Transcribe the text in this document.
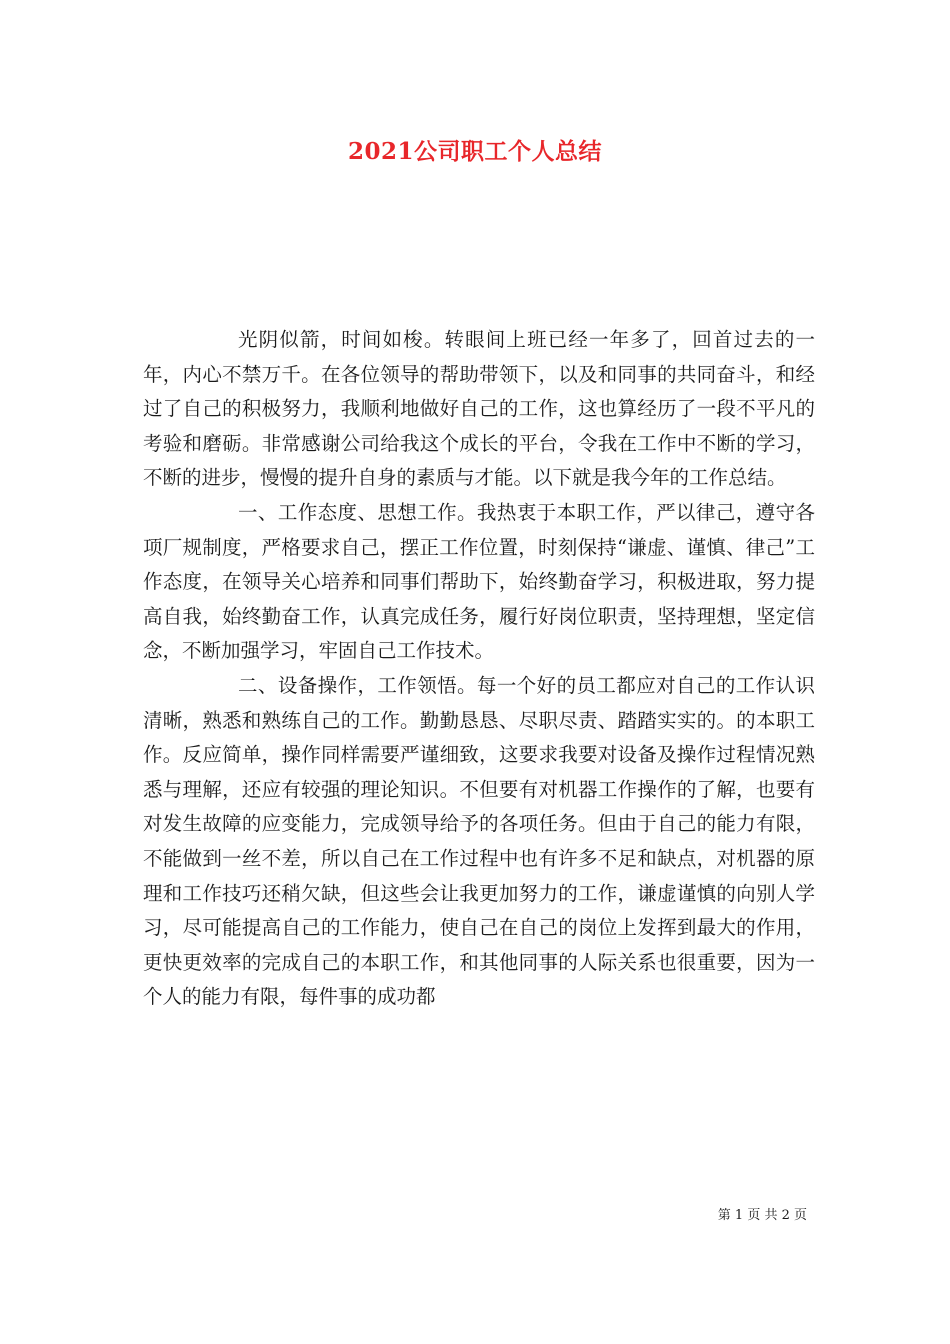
2021公司职工个人总结

光阴似箭，时间如梭。转眼间上班已经一年多了，回首过去的一年，内心不禁万千。在各位领导的帮助带领下，以及和同事的共同奋斗，和经过了自己的积极努力，我顺利地做好自己的工作，这也算经历了一段不平凡的考验和磨砺。非常感谢公司给我这个成长的平台，令我在工作中不断的学习，不断的进步，慢慢的提升自身的素质与才能。以下就是我今年的工作总结。

一、工作态度、思想工作。我热衷于本职工作，严以律己，遵守各项厂规制度，严格要求自己，摆正工作位置，时刻保持“谦虚、谨慎、律己”工作态度，在领导关心培养和同事们帮助下，始终勤奋学习，积极进取，努力提高自我，始终勤奋工作，认真完成任务，履行好岗位职责，坚持理想，坚定信念，不断加强学习，牢固自己工作技术。

二、设备操作，工作领悟。每一个好的员工都应对自己的工作认识清晰，熟悉和熟练自己的工作。勤勤恳恳、尽职尽责、踏踏实实的。的本职工作。反应简单，操作同样需要严谨细致，这要求我要对设备及操作过程情况熟悉与理解，还应有较强的理论知识。不但要有对机器工作操作的了解，也要有对发生故障的应变能力，完成领导给予的各项任务。但由于自己的能力有限，不能做到一丝不差，所以自己在工作过程中也有许多不足和缺点，对机器的原理和工作技巧还稍欠缺，但这些会让我更加努力的工作，谦虚谨慎的向别人学习，尽可能提高自己的工作能力，使自己在自己的岗位上发挥到最大的作用，更快更效率的完成自己的本职工作，和其他同事的人际关系也很重要，因为一个人的能力有限，每件事的成功都

第 1 页 共 2 页
